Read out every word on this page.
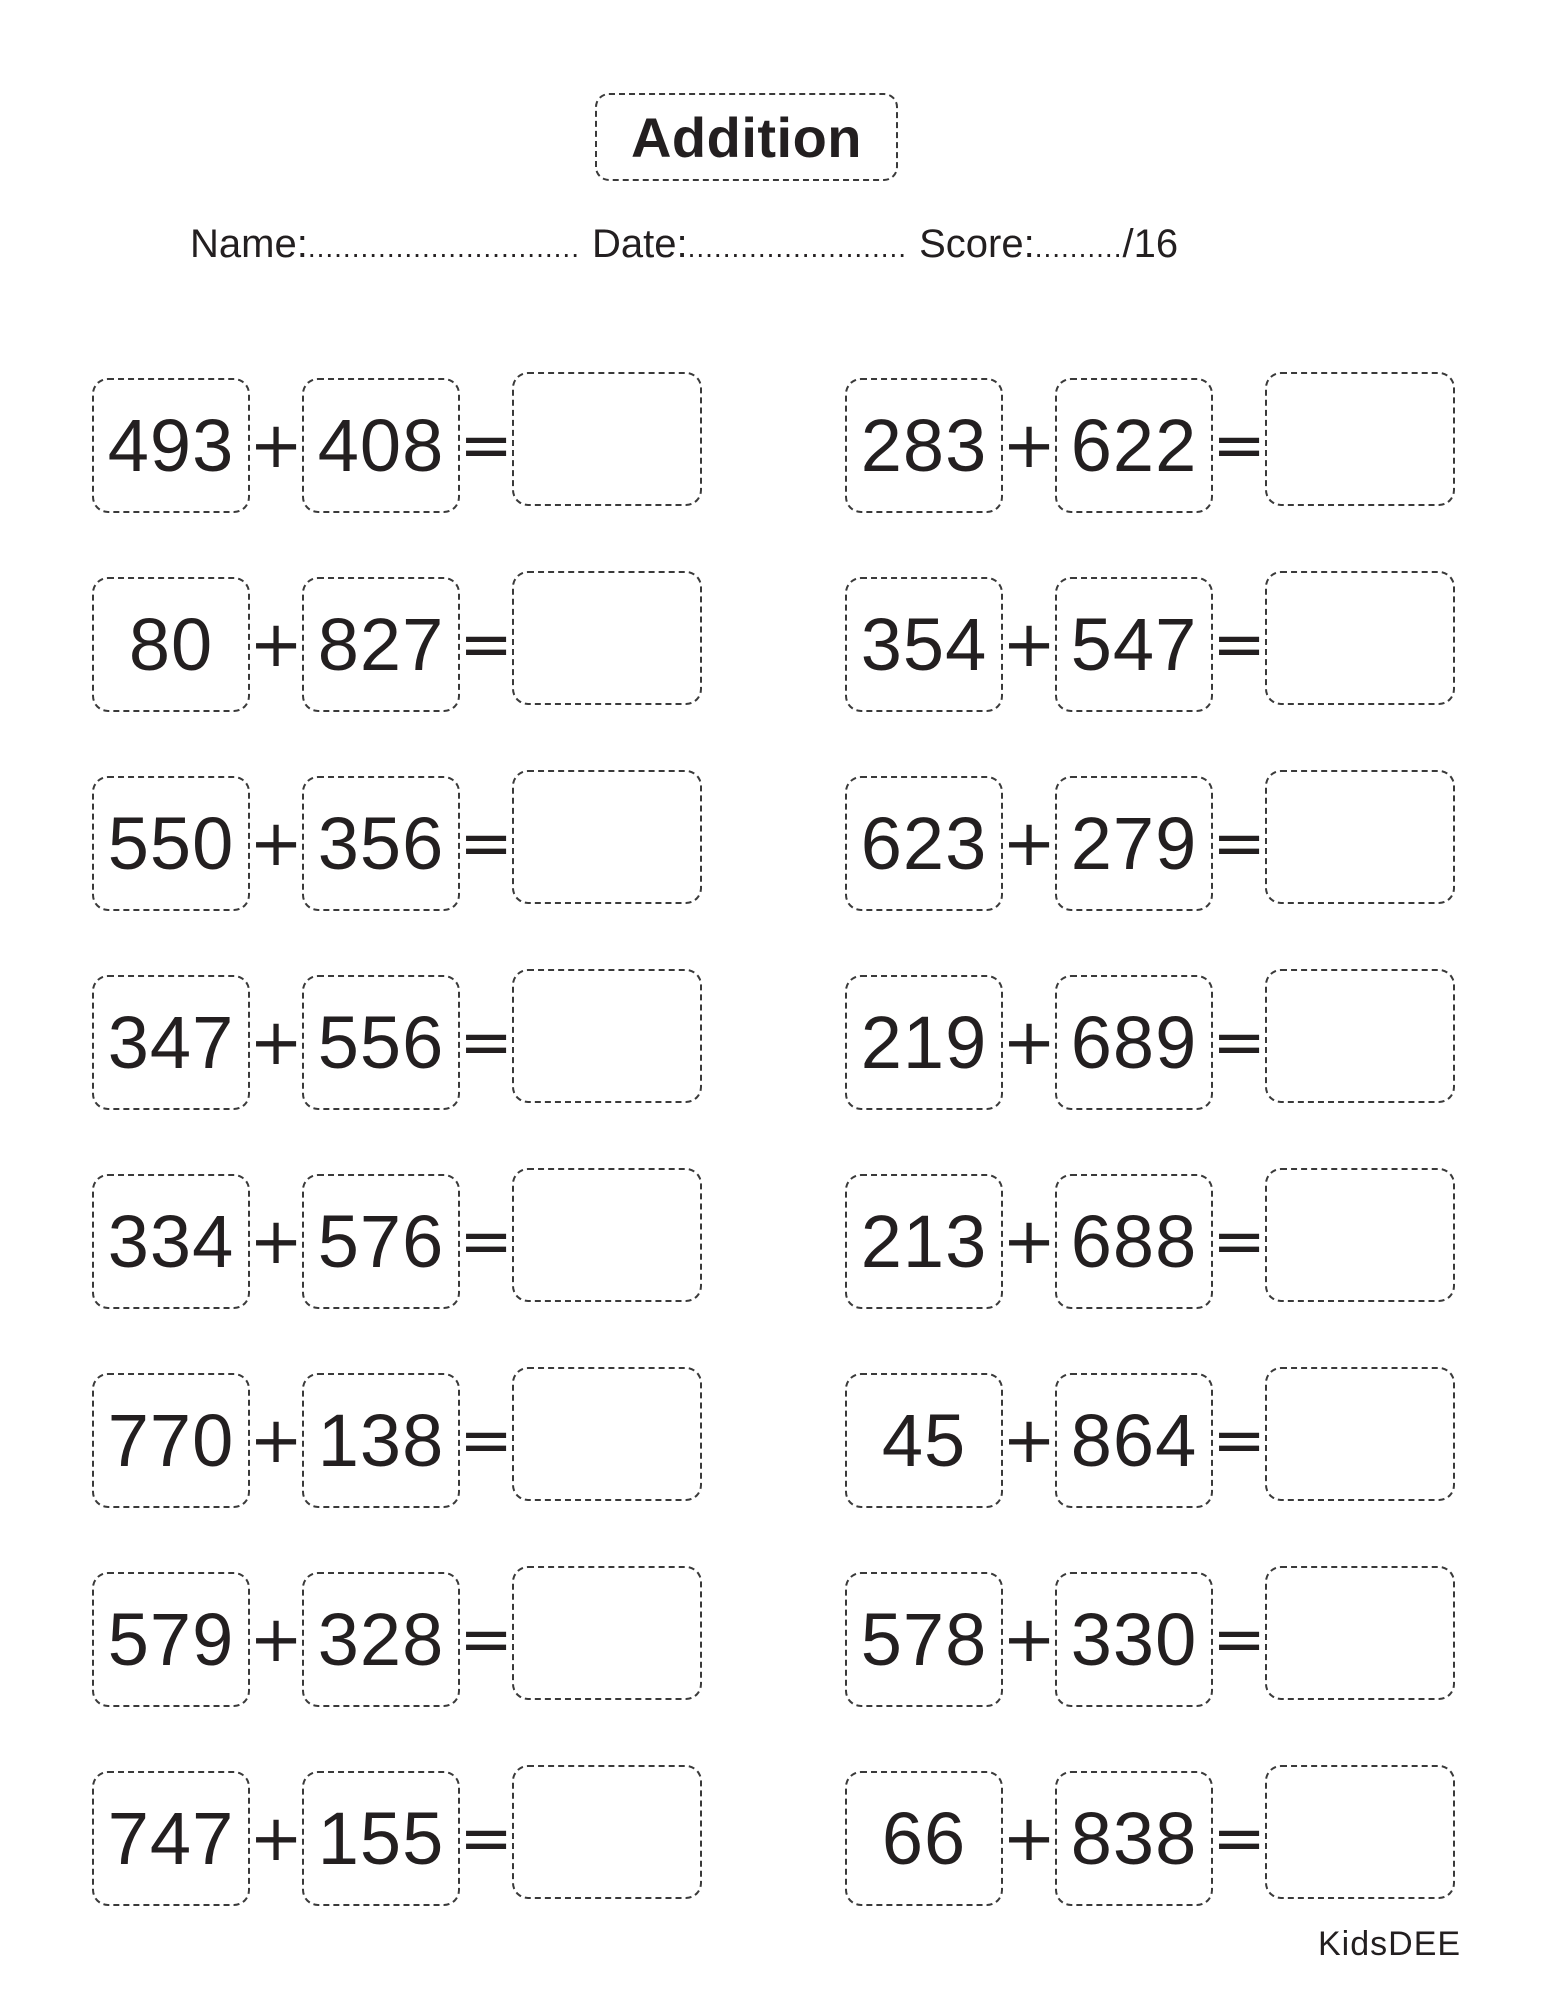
Addition
Name: ............................... Date: ......................... Score: .......... /16
493 + 408 =
80 + 827 =
550 + 356 =
347 + 556 =
334 + 576 =
770 + 138 =
579 + 328 =
747 + 155 =
283 + 622 =
354 + 547 =
623 + 279 =
219 + 689 =
213 + 688 =
45 + 864 =
578 + 330 =
66 + 838 =
KidsDEE
